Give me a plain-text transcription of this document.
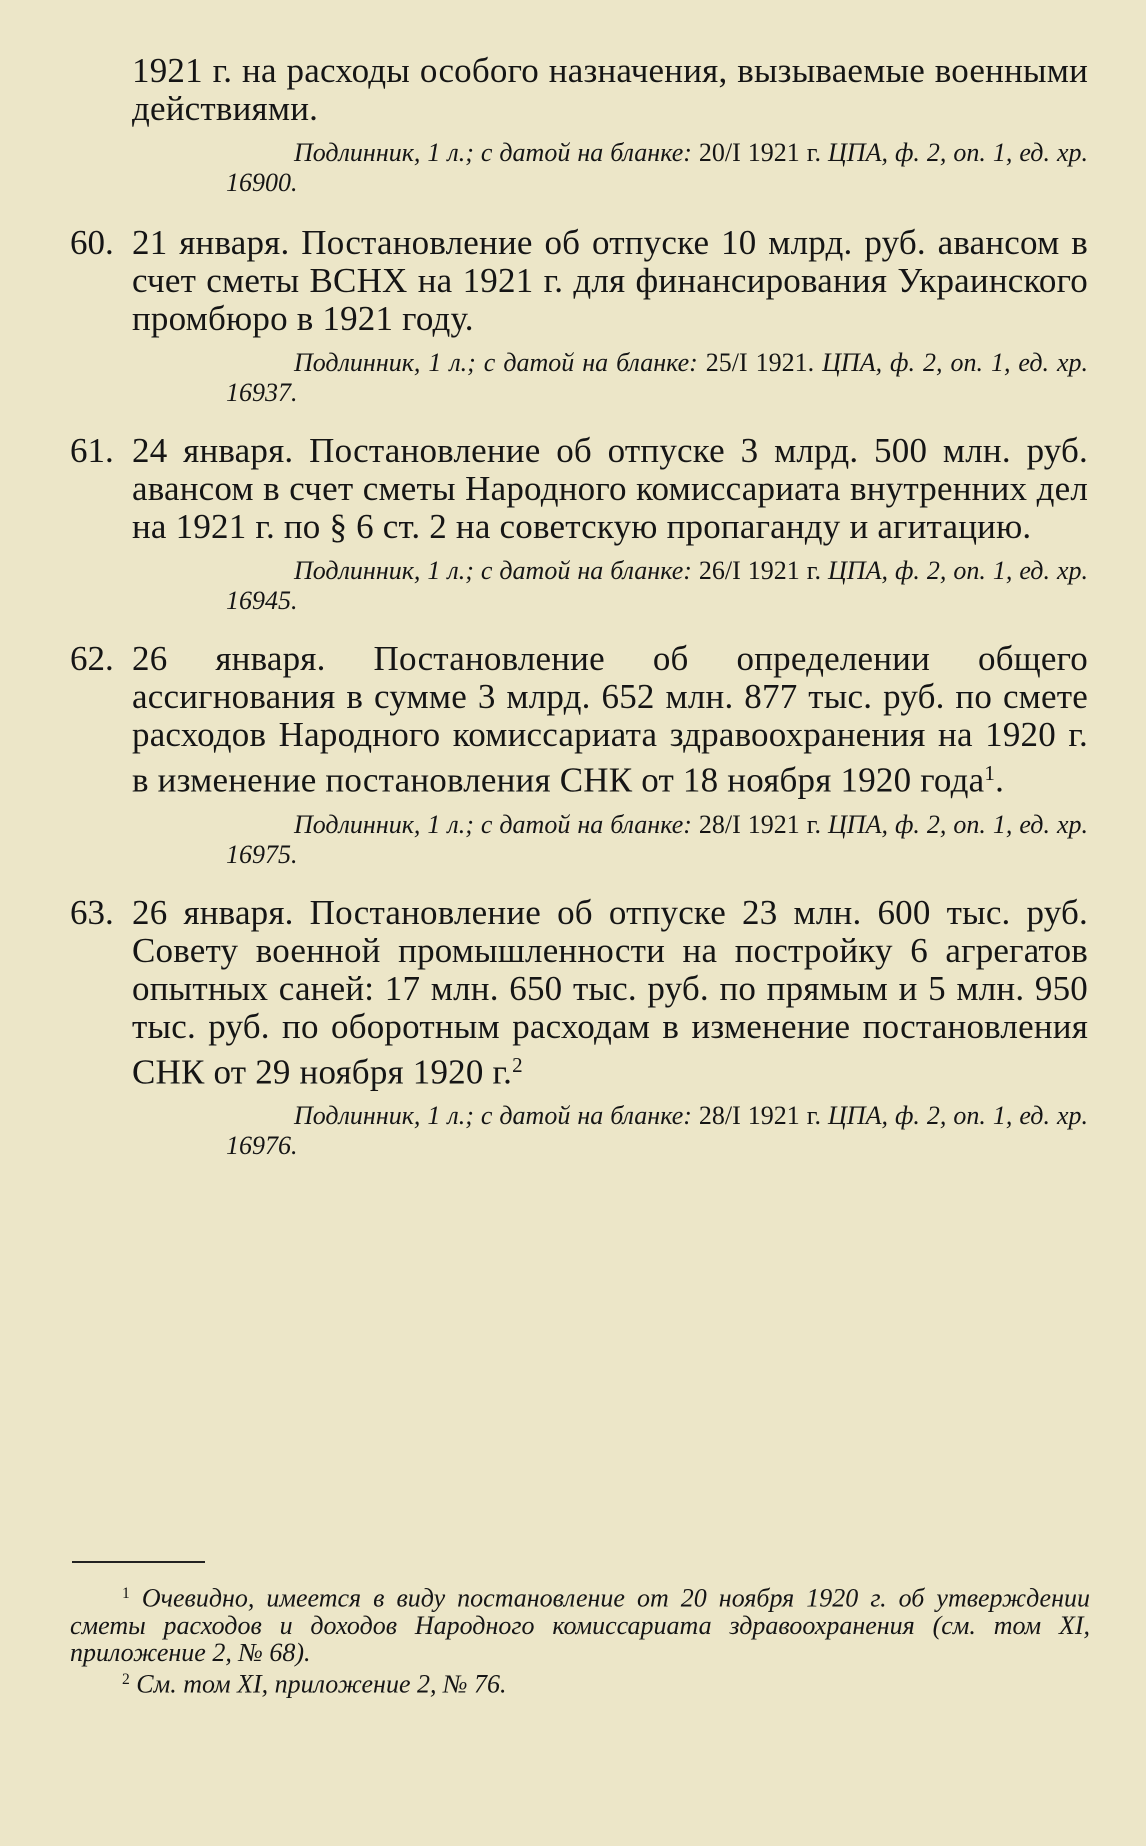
1921 г. на расходы особого назначения, вызываемые военными действиями.

Подлинник, 1 л.; с датой на бланке: 20/I 1921 г. ЦПА, ф. 2, оп. 1, ед. хр. 16900.

60. 21 января. Постановление об отпуске 10 млрд. руб. авансом в счет сметы ВСНХ на 1921 г. для финансирования Украинского промбюро в 1921 году.

Подлинник, 1 л.; с датой на бланке: 25/I 1921. ЦПА, ф. 2, оп. 1, ед. хр. 16937.

61. 24 января. Постановление об отпуске 3 млрд. 500 млн. руб. авансом в счет сметы Народного комиссариата внутренних дел на 1921 г. по § 6 ст. 2 на советскую пропаганду и агитацию.

Подлинник, 1 л.; с датой на бланке: 26/I 1921 г. ЦПА, ф. 2, оп. 1, ед. хр. 16945.

62. 26 января. Постановление об определении общего ассигнования в сумме 3 млрд. 652 млн. 877 тыс. руб. по смете расходов Народного комиссариата здравоохранения на 1920 г. в изменение постановления СНК от 18 ноября 1920 года$^1$.

Подлинник, 1 л.; с датой на бланке: 28/I 1921 г. ЦПА, ф. 2, оп. 1, ед. хр. 16975.

63. 26 января. Постановление об отпуске 23 млн. 600 тыс. руб. Совету военной промышленности на постройку 6 агрегатов опытных саней: 17 млн. 650 тыс. руб. по прямым и 5 млн. 950 тыс. руб. по оборотным расходам в изменение постановления СНК от 29 ноября 1920 г.$^2$

Подлинник, 1 л.; с датой на бланке: 28/I 1921 г. ЦПА, ф. 2, оп. 1, ед. хр. 16976.

$^1$ Очевидно, имеется в виду постановление от 20 ноября 1920 г. об утверждении сметы расходов и доходов Народного комиссариата здравоохранения (см. том XI, приложение 2, № 68).

$^2$ См. том XI, приложение 2, № 76.
